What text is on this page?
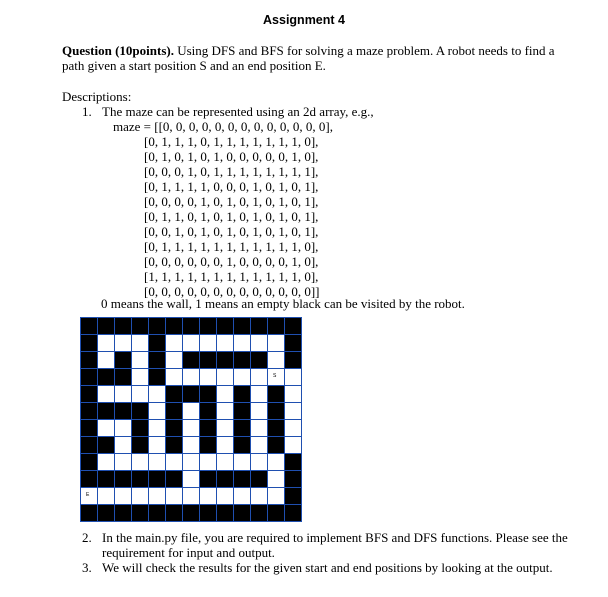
Assignment 4
Question (10points). Using DFS and BFS for solving a maze problem. A robot needs to find a path given a start position S and an end position E.
Descriptions:
1. The maze can be represented using an 2d array, e.g.,
maze = [[0, 0, 0, 0, 0, 0, 0, 0, 0, 0, 0, 0, 0],
[0, 1, 1, 1, 0, 1, 1, 1, 1, 1, 1, 1, 0],
[0, 1, 0, 1, 0, 1, 0, 0, 0, 0, 0, 1, 0],
[0, 0, 0, 1, 0, 1, 1, 1, 1, 1, 1, 1, 1],
[0, 1, 1, 1, 1, 0, 0, 0, 1, 0, 1, 0, 1],
[0, 0, 0, 0, 1, 0, 1, 0, 1, 0, 1, 0, 1],
[0, 1, 1, 0, 1, 0, 1, 0, 1, 0, 1, 0, 1],
[0, 0, 1, 0, 1, 0, 1, 0, 1, 0, 1, 0, 1],
[0, 1, 1, 1, 1, 1, 1, 1, 1, 1, 1, 1, 0],
[0, 0, 0, 0, 0, 0, 1, 0, 0, 0, 0, 1, 0],
[1, 1, 1, 1, 1, 1, 1, 1, 1, 1, 1, 1, 0],
[0, 0, 0, 0, 0, 0, 0, 0, 0, 0, 0, 0, 0]]
0 means the wall, 1 means an empty black can be visited by the robot.
S
E
2. In the main.py file, you are required to implement BFS and DFS functions. Please see the requirement for input and output.
3. We will check the results for the given start and end positions by looking at the output.
